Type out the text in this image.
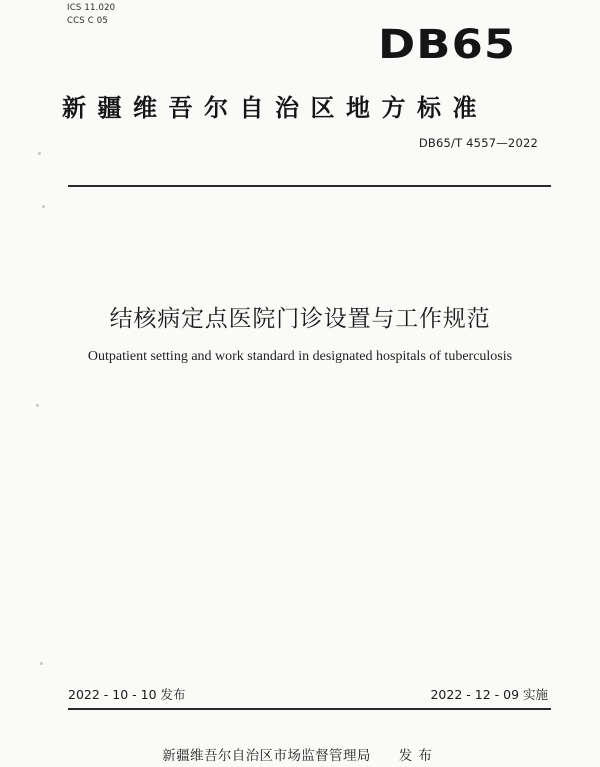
ICS 11.020
CCS C 05
DB65
新疆维吾尔自治区地方标准
DB65/T 4557—2022
结核病定点医院门诊设置与工作规范
Outpatient setting and work standard in designated hospitals of tuberculosis
2022 - 10 - 10 发布	2022 - 12 - 09 实施
新疆维吾尔自治区市场监督管理局 发布
